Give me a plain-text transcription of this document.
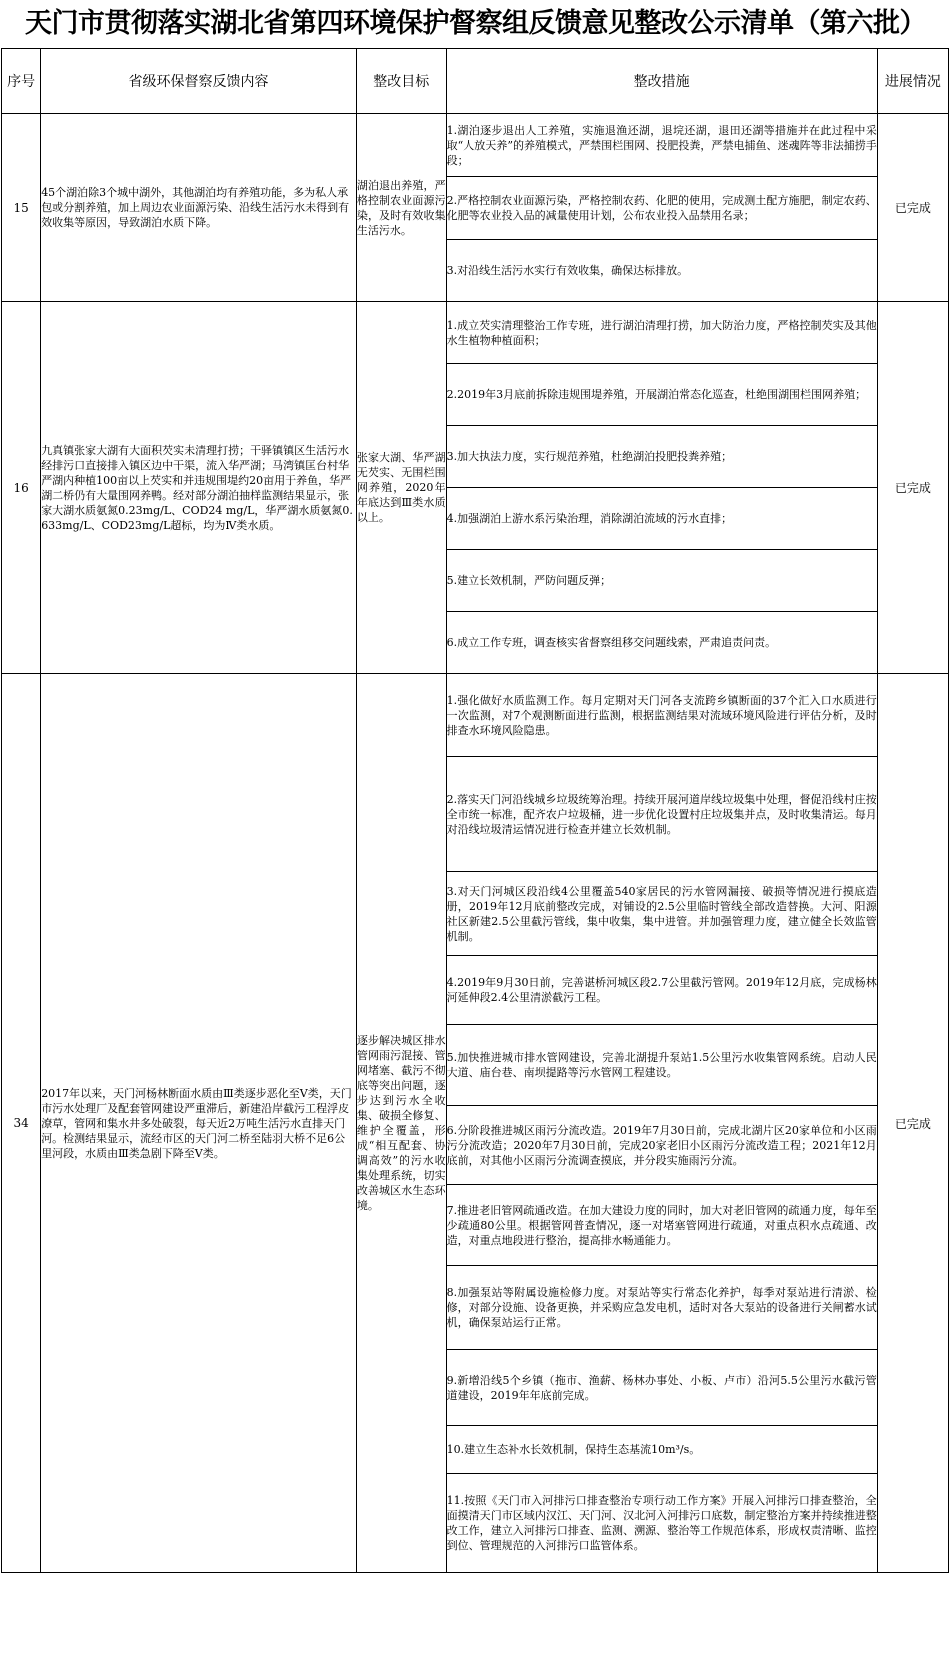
天门市贯彻落实湖北省第四环境保护督察组反馈意见整改公示清单（第六批）
序号	省级环保督察反馈内容	整改目标	整改措施	进展情况
15	45个湖泊除3个城中湖外，其他湖泊均有养殖功能，多为私人承包或分割养殖，加上周边农业面源污染、沿线生活污水未得到有效收集等原因，导致湖泊水质下降。	湖泊退出养殖，严格控制农业面源污染，及时有效收集生活污水。	1.湖泊逐步退出人工养殖，实施退渔还湖，退垸还湖，退田还湖等措施并在此过程中采取“人放天养”的养殖模式，严禁围栏围网、投肥投粪，严禁电捕鱼、迷魂阵等非法捕捞手段；	已完成
			2.严格控制农业面源污染，严格控制农药、化肥的使用，完成测土配方施肥，制定农药、化肥等农业投入品的减量使用计划，公布农业投入品禁用名录；	
			3.对沿线生活污水实行有效收集，确保达标排放。	
16	九真镇张家大湖有大面积芡实未清理打捞；干驿镇镇区生活污水经排污口直接排入镇区边中干渠，流入华严湖；马湾镇匡台村华严湖内种植100亩以上芡实和并违规围堤约20亩用于养鱼，华严湖二桥仍有大量围网养鸭。经对部分湖泊抽样监测结果显示，张家大湖水质氨氮0.23mg/L、COD24 mg/L，华严湖水质氨氮0.633mg/L、COD23mg/L超标，均为Ⅳ类水质。	张家大湖、华严湖无芡实、无围栏围网养殖，2020年年底达到Ⅲ类水质以上。	1.成立芡实清理整治工作专班，进行湖泊清理打捞，加大防治力度，严格控制芡实及其他水生植物种植面积；	已完成
			2.2019年3月底前拆除违规围堤养殖，开展湖泊常态化巡查，杜绝围湖围栏围网养殖；	
			3.加大执法力度，实行规范养殖，杜绝湖泊投肥投粪养殖；	
			4.加强湖泊上游水系污染治理，消除湖泊流域的污水直排；	
			5.建立长效机制，严防问题反弹；	
			6.成立工作专班，调查核实省督察组移交问题线索，严肃追责问责。	
34	2017年以来，天门河杨林断面水质由Ⅲ类逐步恶化至Ⅴ类，天门市污水处理厂及配套管网建设严重滞后，新建沿岸截污工程浮皮潦草，管网和集水井多处破裂，每天近2万吨生活污水直排天门河。检测结果显示，流经市区的天门河二桥至陆羽大桥不足6公里河段，水质由Ⅲ类急剧下降至Ⅴ类。	逐步解决城区排水管网雨污混接、管网堵塞、截污不彻底等突出问题，逐步达到污水全收集、破损全修复、维护全覆盖，形成“相互配套、协调高效”的污水收集处理系统，切实改善城区水生态环境。	1.强化做好水质监测工作。每月定期对天门河各支流跨乡镇断面的37个汇入口水质进行一次监测，对7个观测断面进行监测，根据监测结果对流域环境风险进行评估分析，及时排查水环境风险隐患。	已完成
			2.落实天门河沿线城乡垃圾统筹治理。持续开展河道岸线垃圾集中处理，督促沿线村庄按全市统一标准，配齐农户垃圾桶，进一步优化设置村庄垃圾集并点，及时收集清运。每月对沿线垃圾清运情况进行检查并建立长效机制。	
			3.对天门河城区段沿线4公里覆盖540家居民的污水管网漏接、破损等情况进行摸底造册，2019年12月底前整改完成，对铺设的2.5公里临时管线全部改造替换。大河、阳源社区新建2.5公里截污管线，集中收集，集中进管。并加强管理力度，建立健全长效监管机制。	
			4.2019年9月30日前，完善谌桥河城区段2.7公里截污管网。2019年12月底，完成杨林河延伸段2.4公里清淤截污工程。	
			5.加快推进城市排水管网建设，完善北湖提升泵站1.5公里污水收集管网系统。启动人民大道、庙台巷、南坝提路等污水管网工程建设。	
			6.分阶段推进城区雨污分流改造。2019年7月30日前，完成北湖片区20家单位和小区雨污分流改造；2020年7月30日前，完成20家老旧小区雨污分流改造工程；2021年12月底前，对其他小区雨污分流调查摸底，并分段实施雨污分流。	
			7.推进老旧管网疏通改造。在加大建设力度的同时，加大对老旧管网的疏通力度，每年至少疏通80公里。根据管网普查情况，逐一对堵塞管网进行疏通，对重点积水点疏通、改造，对重点地段进行整治，提高排水畅通能力。	
			8.加强泵站等附属设施检修力度。对泵站等实行常态化养护，每季对泵站进行清淤、检修，对部分设施、设备更换，并采购应急发电机，适时对各大泵站的设备进行关闸蓄水试机，确保泵站运行正常。	
			9.新增沿线5个乡镇（拖市、渔薪、杨林办事处、小板、卢市）沿河5.5公里污水截污管道建设，2019年年底前完成。	
			10.建立生态补水长效机制，保持生态基流10m³/s。	
			11.按照《天门市入河排污口排查整治专项行动工作方案》开展入河排污口排查整治，全面摸清天门市区域内汉江、天门河、汉北河入河排污口底数，制定整治方案并持续推进整改工作，建立入河排污口排查、监测、溯源、整治等工作规范体系，形成权责清晰、监控到位、管理规范的入河排污口监管体系。	
